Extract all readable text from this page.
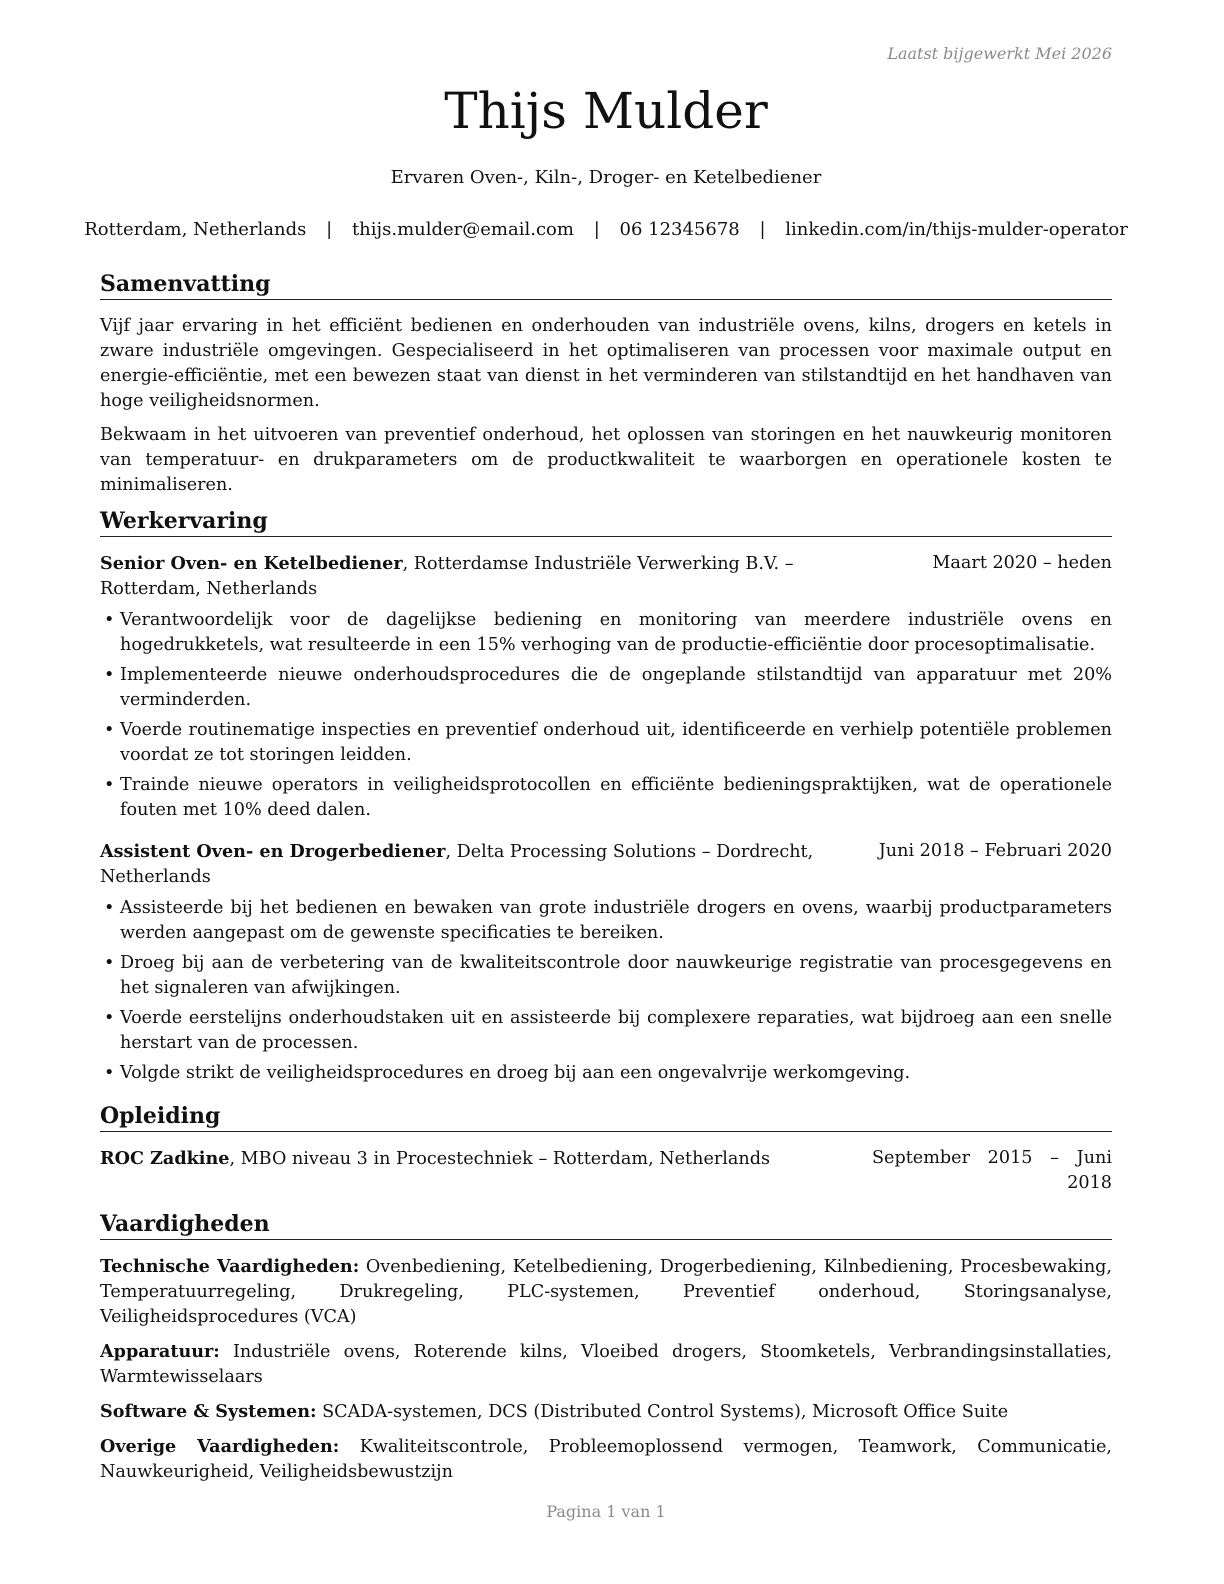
Laatst bijgewerkt Mei 2026
Thijs Mulder
Ervaren Oven-, Kiln-, Droger- en Ketelbediener
Rotterdam, Netherlands | thijs.mulder@email.com | 06 12345678 | linkedin.com/in/thijs-mulder-operator
Samenvatting

Vijf jaar ervaring in het efficiënt bedienen en onderhouden van industriële ovens, kilns, drogers en ketels in zware industriële omgevingen. Gespecialiseerd in het optimaliseren van processen voor maximale output en energie-efficiëntie, met een bewezen staat van dienst in het verminderen van stilstandtijd en het handhaven van hoge veiligheidsnormen.

Bekwaam in het uitvoeren van preventief onderhoud, het oplossen van storingen en het nauwkeurig monitoren van temperatuur- en drukparameters om de productkwaliteit te waarborgen en operationele kosten te minimaliseren.

Werkervaring
Senior Oven- en Ketelbediener, Rotterdamse Industriële Verwerking B.V. – Rotterdam, Netherlands
Maart 2020 – heden
• Verantwoordelijk voor de dagelijkse bediening en monitoring van meerdere industriële ovens en hogedrukketels, wat resulteerde in een 15% verhoging van de productie-efficiëntie door procesoptimalisatie.
• Implementeerde nieuwe onderhoudsprocedures die de ongeplande stilstandtijd van apparatuur met 20% verminderden.
• Voerde routinematige inspecties en preventief onderhoud uit, identificeerde en verhielp potentiële problemen voordat ze tot storingen leidden.
• Trainde nieuwe operators in veiligheidsprotocollen en efficiënte bedieningspraktijken, wat de operationele fouten met 10% deed dalen.
Assistent Oven- en Drogerbediener, Delta Processing Solutions – Dordrecht, Netherlands
Juni 2018 – Februari 2020
• Assisteerde bij het bedienen en bewaken van grote industriële drogers en ovens, waarbij productparameters werden aangepast om de gewenste specificaties te bereiken.
• Droeg bij aan de verbetering van de kwaliteitscontrole door nauwkeurige registratie van procesgegevens en het signaleren van afwijkingen.
• Voerde eerstelijns onderhoudstaken uit en assisteerde bij complexere reparaties, wat bijdroeg aan een snelle herstart van de processen.
• Volgde strikt de veiligheidsprocedures en droeg bij aan een ongevalvrije werkomgeving.
Opleiding
ROC Zadkine, MBO niveau 3 in Procestechniek – Rotterdam, Netherlands	September 2015 – Juni 2018
Vaardigheden

Technische Vaardigheden: Ovenbediening, Ketelbediening, Drogerbediening, Kilnbediening, Procesbewaking, Temperatuurregeling, Drukregeling, PLC-systemen, Preventief onderhoud, Storingsanalyse, Veiligheidsprocedures (VCA)

Apparatuur: Industriële ovens, Roterende kilns, Vloeibed drogers, Stoomketels, Verbrandingsinstallaties, Warmtewisselaars

Software & Systemen: SCADA-systemen, DCS (Distributed Control Systems), Microsoft Office Suite

Overige Vaardigheden: Kwaliteitscontrole, Probleemoplossend vermogen, Teamwork, Communicatie, Nauwkeurigheid, Veiligheidsbewustzijn

Pagina 1 van 1
